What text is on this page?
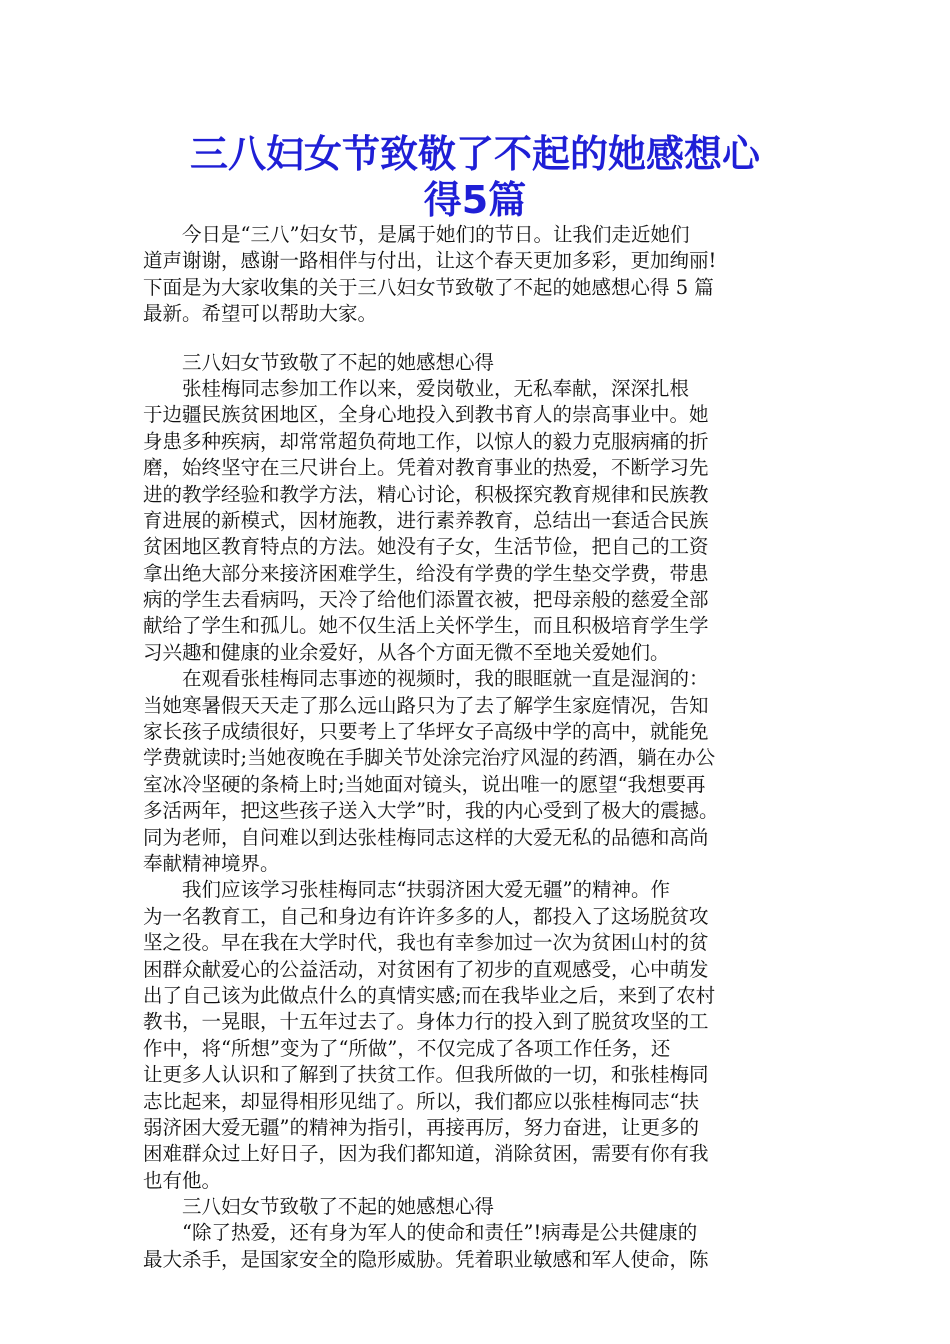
三八妇女节致敬了不起的她感想心
得5篇
　　今日是“三八”妇女节，是属于她们的节日。让我们走近她们
道声谢谢，感谢一路相伴与付出，让这个春天更加多彩，更加绚丽!
下面是为大家收集的关于三八妇女节致敬了不起的她感想心得 5 篇
最新。希望可以帮助大家。
　　三八妇女节致敬了不起的她感想心得
　　张桂梅同志参加工作以来，爱岗敬业，无私奉献，深深扎根
于边疆民族贫困地区，全身心地投入到教书育人的崇高事业中。她
身患多种疾病，却常常超负荷地工作，以惊人的毅力克服病痛的折
磨，始终坚守在三尺讲台上。凭着对教育事业的热爱，不断学习先
进的教学经验和教学方法，精心讨论，积极探究教育规律和民族教
育进展的新模式，因材施教，进行素养教育，总结出一套适合民族
贫困地区教育特点的方法。她没有子女，生活节俭，把自己的工资
拿出绝大部分来接济困难学生，给没有学费的学生垫交学费，带患
病的学生去看病吗，天冷了给他们添置衣被，把母亲般的慈爱全部
献给了学生和孤儿。她不仅生活上关怀学生，而且积极培育学生学
习兴趣和健康的业余爱好，从各个方面无微不至地关爱她们。
　　在观看张桂梅同志事迹的视频时，我的眼眶就一直是湿润的：
当她寒暑假天天走了那么远山路只为了去了解学生家庭情况，告知
家长孩子成绩很好，只要考上了华坪女子高级中学的高中，就能免
学费就读时;当她夜晚在手脚关节处涂完治疗风湿的药酒，躺在办公
室冰冷坚硬的条椅上时;当她面对镜头，说出唯一的愿望“我想要再
多活两年，把这些孩子送入大学”时，我的内心受到了极大的震撼。
同为老师，自问难以到达张桂梅同志这样的大爱无私的品德和高尚
奉献精神境界。
　　我们应该学习张桂梅同志“扶弱济困大爱无疆”的精神。作
为一名教育工，自己和身边有许许多多的人，都投入了这场脱贫攻
坚之役。早在我在大学时代，我也有幸参加过一次为贫困山村的贫
困群众献爱心的公益活动，对贫困有了初步的直观感受，心中萌发
出了自己该为此做点什么的真情实感;而在我毕业之后，来到了农村
教书，一晃眼，十五年过去了。身体力行的投入到了脱贫攻坚的工
作中，将“所想”变为了“所做”，不仅完成了各项工作任务，还
让更多人认识和了解到了扶贫工作。但我所做的一切，和张桂梅同
志比起来，却显得相形见绌了。所以，我们都应以张桂梅同志“扶
弱济困大爱无疆”的精神为指引，再接再厉，努力奋进，让更多的
困难群众过上好日子，因为我们都知道，消除贫困，需要有你有我
也有他。
　　三八妇女节致敬了不起的她感想心得
　　“除了热爱，还有身为军人的使命和责任”!病毒是公共健康的
最大杀手，是国家安全的隐形威胁。凭着职业敏感和军人使命，陈
